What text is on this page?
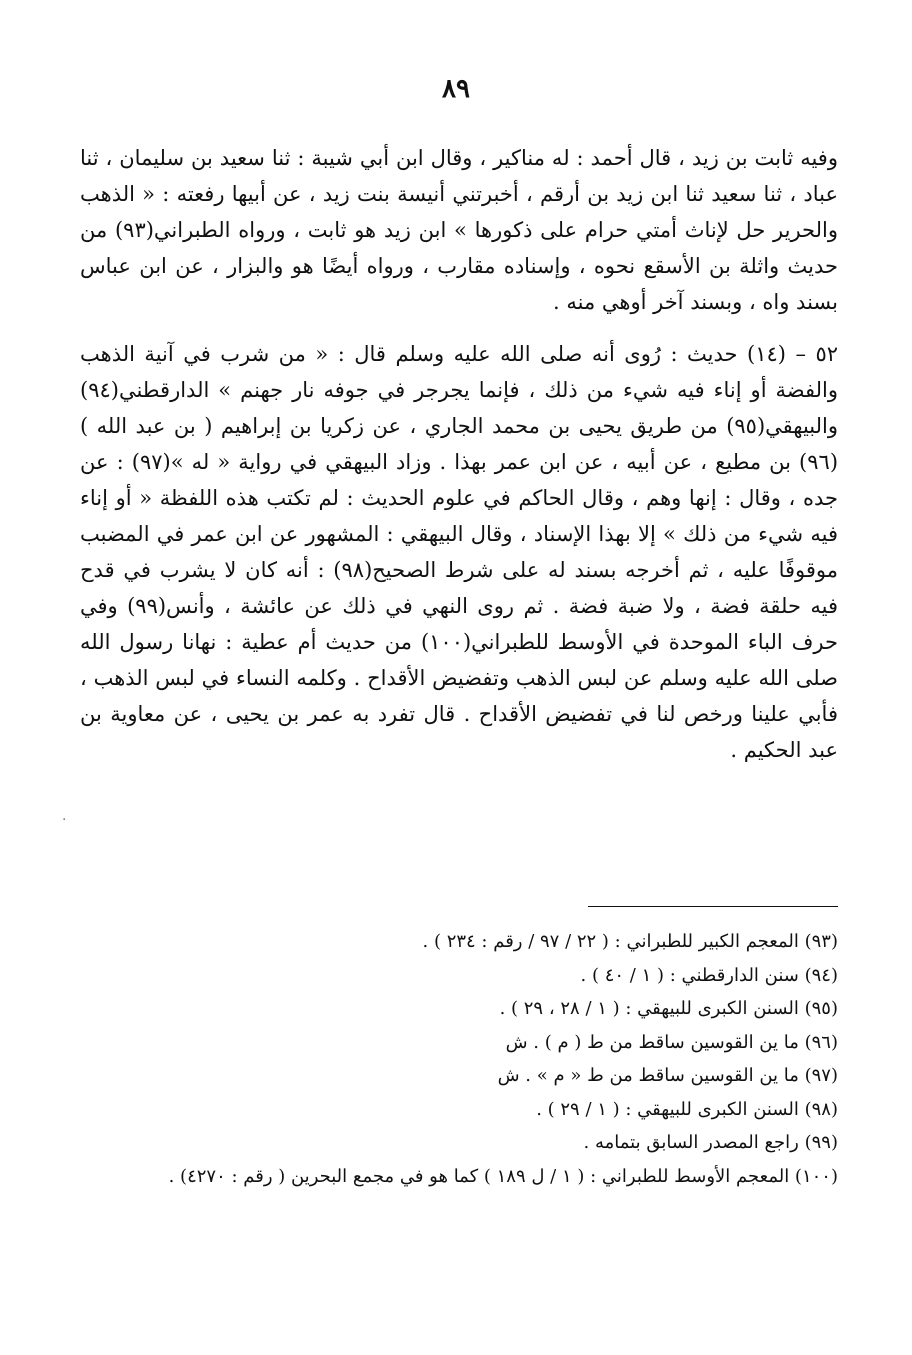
٨٩

وفيه ثابت بن زيد ، قال أحمد : له مناكير ، وقال ابن أبي شيبة : ثنا سعيد بن سليمان ، ثنا عباد ، ثنا سعيد ثنا ابن زيد بن أرقم ، أخبرتني أنيسة بنت زيد ، عن أبيها رفعته : « الذهب والحرير حل لإناث أمتي حرام على ذكورها » ابن زيد هو ثابت ، ورواه الطبراني(٩٣) من حديث واثلة بن الأسقع نحوه ، وإسناده مقارب ، ورواه أيضًا هو والبزار ، عن ابن عباس بسند واه ، وبسند آخر أوهي منه .

٥٢ – (١٤) حديث : رُوى أنه صلى الله عليه وسلم قال : « من شرب في آنية الذهب والفضة أو إناء فيه شيء من ذلك ، فإنما يجرجر في جوفه نار جهنم » الدارقطني(٩٤) والبيهقي(٩٥) من طريق يحيى بن محمد الجاري ، عن زكريا بن إبراهيم ( بن عبد الله )(٩٦) بن مطيع ، عن أبيه ، عن ابن عمر بهذا . وزاد البيهقي في رواية « له »(٩٧) : عن جده ، وقال : إنها وهم ، وقال الحاكم في علوم الحديث : لم تكتب هذه اللفظة « أو إناء فيه شيء من ذلك » إلا بهذا الإسناد ، وقال البيهقي : المشهور عن ابن عمر في المضبب موقوفًا عليه ، ثم أخرجه بسند له على شرط الصحيح(٩٨) : أنه كان لا يشرب في قدح فيه حلقة فضة ، ولا ضبة فضة . ثم روى النهي في ذلك عن عائشة ، وأنس(٩٩) وفي حرف الباء الموحدة في الأوسط للطبراني(١٠٠) من حديث أم عطية : نهانا رسول الله صلى الله عليه وسلم عن لبس الذهب وتفضيض الأقداح . وكلمه النساء في لبس الذهب ، فأبي علينا ورخص لنا في تفضيض الأقداح . قال تفرد به عمر بن يحيى ، عن معاوية بن عبد الحكيم .

·

(٩٣) المعجم الكبير للطبراني : ( ٢٢ / ٩٧ / رقم : ٢٣٤ ) .

(٩٤) سنن الدارقطني : ( ١ / ٤٠ ) .

(٩٥) السنن الكبرى للبيهقي : ( ١ / ٢٨ ، ٢٩ ) .

(٩٦) ما ين القوسين ساقط من ط ( م ) . ش

(٩٧) ما ين القوسين ساقط من ط « م » . ش

(٩٨) السنن الكبرى للبيهقي : ( ١ / ٢٩ ) .

(٩٩) راجع المصدر السابق بتمامه .

(١٠٠) المعجم الأوسط للطبراني : ( ١ / ل ١٨٩ ) كما هو في مجمع البحرين ( رقم : ٤٢٧٠) .
